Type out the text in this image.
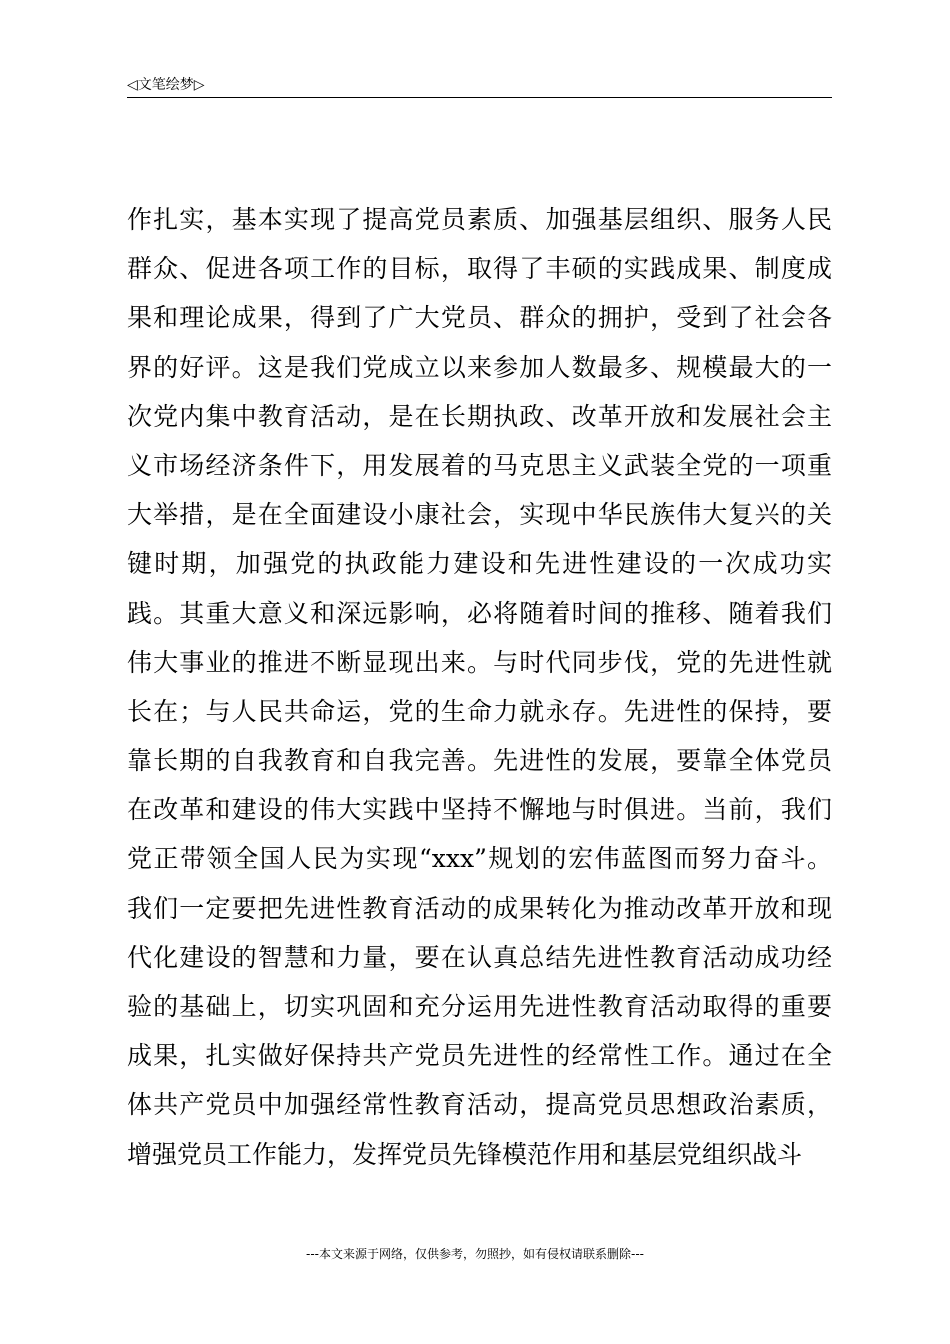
◁文笔绘梦▷
作扎实，基本实现了提高党员素质、加强基层组织、服务人民
群众、促进各项工作的目标，取得了丰硕的实践成果、制度成
果和理论成果，得到了广大党员、群众的拥护，受到了社会各
界的好评。这是我们党成立以来参加人数最多、规模最大的一
次党内集中教育活动，是在长期执政、改革开放和发展社会主
义市场经济条件下，用发展着的马克思主义武装全党的一项重
大举措，是在全面建设小康社会，实现中华民族伟大复兴的关
键时期，加强党的执政能力建设和先进性建设的一次成功实
践。其重大意义和深远影响，必将随着时间的推移、随着我们
伟大事业的推进不断显现出来。与时代同步伐，党的先进性就
长在；与人民共命运，党的生命力就永存。先进性的保持，要
靠长期的自我教育和自我完善。先进性的发展，要靠全体党员
在改革和建设的伟大实践中坚持不懈地与时俱进。当前，我们
党正带领全国人民为实现“xxx”规划的宏伟蓝图而努力奋斗。
我们一定要把先进性教育活动的成果转化为推动改革开放和现
代化建设的智慧和力量，要在认真总结先进性教育活动成功经
验的基础上，切实巩固和充分运用先进性教育活动取得的重要
成果，扎实做好保持共产党员先进性的经常性工作。通过在全
体共产党员中加强经常性教育活动，提高党员思想政治素质，
增强党员工作能力，发挥党员先锋模范作用和基层党组织战斗
---本文来源于网络，仅供参考，勿照抄，如有侵权请联系删除---
